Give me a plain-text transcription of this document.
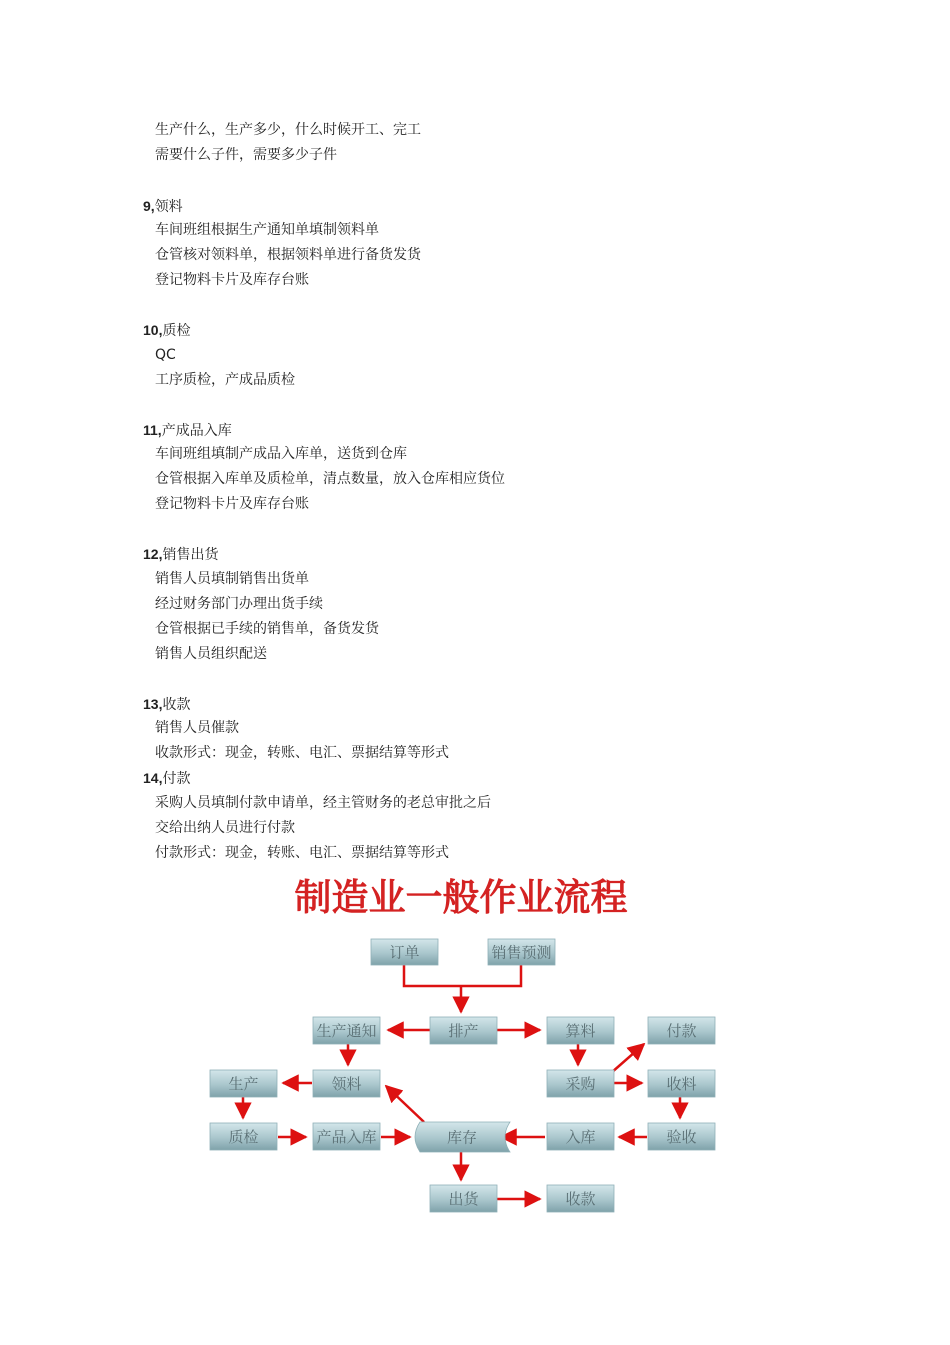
生产什么，生产多少，什么时候开工、完工
需要什么子件，需要多少子件
9,领料
车间班组根据生产通知单填制领料单
仓管核对领料单，根据领料单进行备货发货
登记物料卡片及库存台账
10,质检
QC
工序质检，产成品质检
11,产成品入库
车间班组填制产成品入库单，送货到仓库
仓管根据入库单及质检单，清点数量，放入仓库相应货位
登记物料卡片及库存台账
12,销售出货
销售人员填制销售出货单
经过财务部门办理出货手续
仓管根据已手续的销售单，备货发货
销售人员组织配送
13,收款
销售人员催款
收款形式：现金，转账、电汇、票据结算等形式
14,付款
采购人员填制付款申请单，经主管财务的老总审批之后
交给出纳人员进行付款
付款形式：现金，转账、电汇、票据结算等形式
制造业一般作业流程
订单	销售预测
排产
生产通知	算料	付款
领料
生产	采购	收料
质检	产品入库	库存	入库	验收
出货	收款
